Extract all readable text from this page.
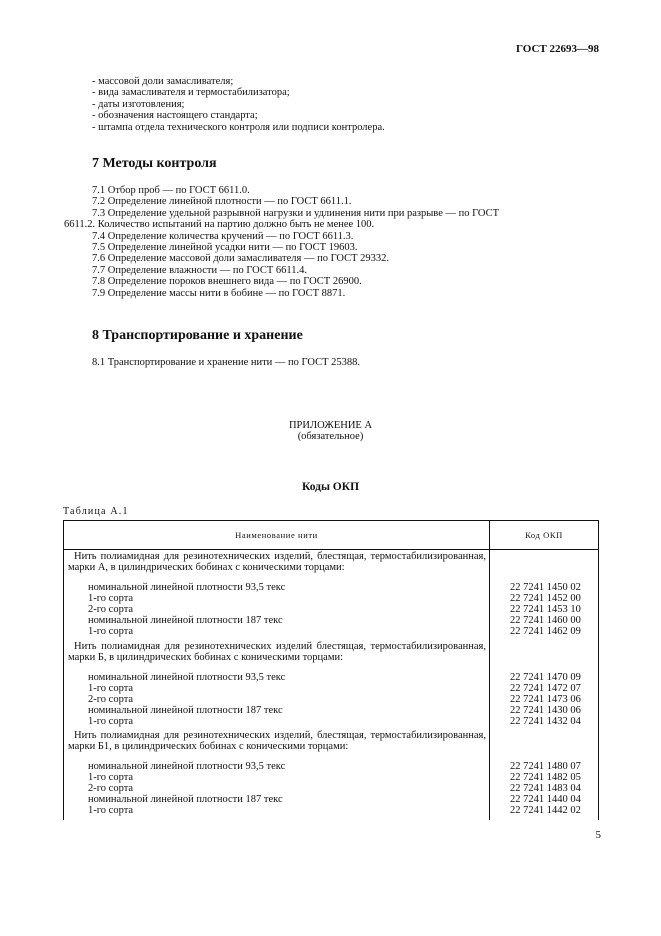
ГОСТ 22693—98
- массовой доли замасливателя;
- вида замасливателя и термостабилизатора;
- даты изготовления;
- обозначения настоящего стандарта;
- штампа отдела технического контроля или подписи контролера.
7 Методы контроля
7.1 Отбор проб — по ГОСТ 6611.0.
7.2 Определение линейной плотности — по ГОСТ 6611.1.
7.3 Определение удельной разрывной нагрузки и удлинения нити при разрыве — по ГОСТ
6611.2. Количество испытаний на партию должно быть не менее 100.
7.4 Определение количества кручений — по ГОСТ 6611.3.
7.5 Определение линейной усадки нити — по ГОСТ 19603.
7.6 Определение массовой доли замасливателя — по ГОСТ 29332.
7.7 Определение влажности — по ГОСТ 6611.4.
7.8 Определение пороков внешнего вида — по ГОСТ 26900.
7.9 Определение массы нити в бобине — по ГОСТ 8871.
8 Транспортирование и хранение
8.1 Транспортирование и хранение нити — по ГОСТ 25388.
ПРИЛОЖЕНИЕ А
(обязательное)
Коды ОКП
Таблица А.1
Наименование нити	Код ОКП
Нить полиамидная для резинотехнических изделий, блестящая, термостабилизированная, марки А, в цилиндрических бобинах с коническими торцами:
номинальной линейной плотности 93,5 текс	22 7241 1450 02
1-го сорта	22 7241 1452 00
2-го сорта	22 7241 1453 10
номинальной линейной плотности 187 текс	22 7241 1460 00
1-го сорта	22 7241 1462 09
Нить полиамидная для резинотехнических изделий блестящая, термостабилизированная, марки Б, в цилиндрических бобинах с коническими торцами:
номинальной линейной плотности 93,5 текс	22 7241 1470 09
1-го сорта	22 7241 1472 07
2-го сорта	22 7241 1473 06
номинальной линейной плотности 187 текс	22 7241 1430 06
1-го сорта	22 7241 1432 04
Нить полиамидная для резинотехнических изделий, блестящая, термостабилизированная, марки Б1, в цилиндрических бобинах с коническими торцами:
номинальной линейной плотности 93,5 текс	22 7241 1480 07
1-го сорта	22 7241 1482 05
2-го сорта	22 7241 1483 04
номинальной линейной плотности 187 текс	22 7241 1440 04
1-го сорта	22 7241 1442 02
5
